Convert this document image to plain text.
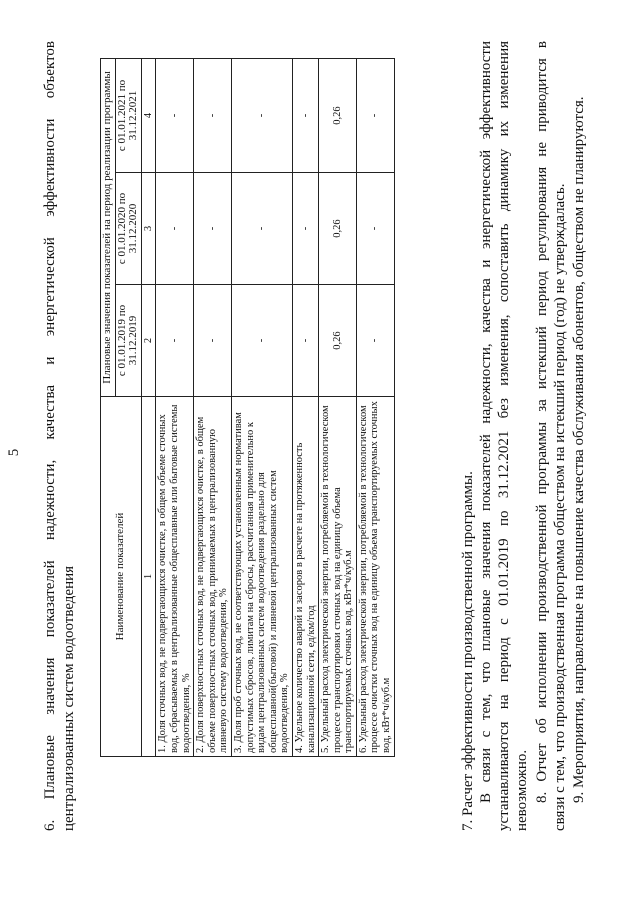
5 6. Плановые значения показателей надежности, качества и энергетической эффективности объектов централизованных систем водоотведения	Наименование показателей	Плановые значения показателей на период реализации программы		
	с 01.01.2019 по 31.12.2019	с 01.01.2020 по 31.12.2020	с 01.01.2021 по 31.12.2021
1	2	3	4
1. Доля сточных вод, не подвергающихся очистке, в общем объеме сточных вод, сбрасываемых в централизованные общесплавные или бытовые системы водоотведения, %	-	-	-
2. Доля поверхностных сточных вод, не подвергающихся очистке, в общем объеме поверхностных сточных вод, принимаемых в централизованную ливневую систему водоотведения, %	-	-	-
3. Доля проб сточных вод, не соответствующих установленным нормативам допустимых сбросов, лимитам на сбросы, рассчитанная применительно к видам централизованных систем водоотведения раздельно для общесплавной(бытовой) и ливневой централизованных систем водоотведения, %	-	-	-
4. Удельное количество аварий и засоров в расчете на протяженность канализационной сети, ед/км/год	-	-	-
5. Удельный расход электрической энергии, потребляемой в технологическом процессе транспортировки сточных вод на единицу объема транспортируемых сточных вод, кВт*ч/куб.м	0,26	0,26	0,26
6. Удельный расход электрической энергии, потребляемой в технологическом процессе очистки сточных вод на единицу объема транспортируемых сточных вод, кВт*ч/куб.м	-	-	-
7. Расчет эффективности производственной программы. В связи с тем, что плановые значения показателей надежности, качества и энергетической эффективности устанавливаются на период с 01.01.2019 по 31.12.2021 без изменения, сопоставить динамику их изменения невозможно. 8. Отчет об исполнении производственной программы за истекший период регулирования не приводится в связи с тем, что производственная программа обществом на истекший период (год) не утверждалась. 9. Мероприятия, направленные на повышение качества обслуживания абонентов, обществом не планируются.
